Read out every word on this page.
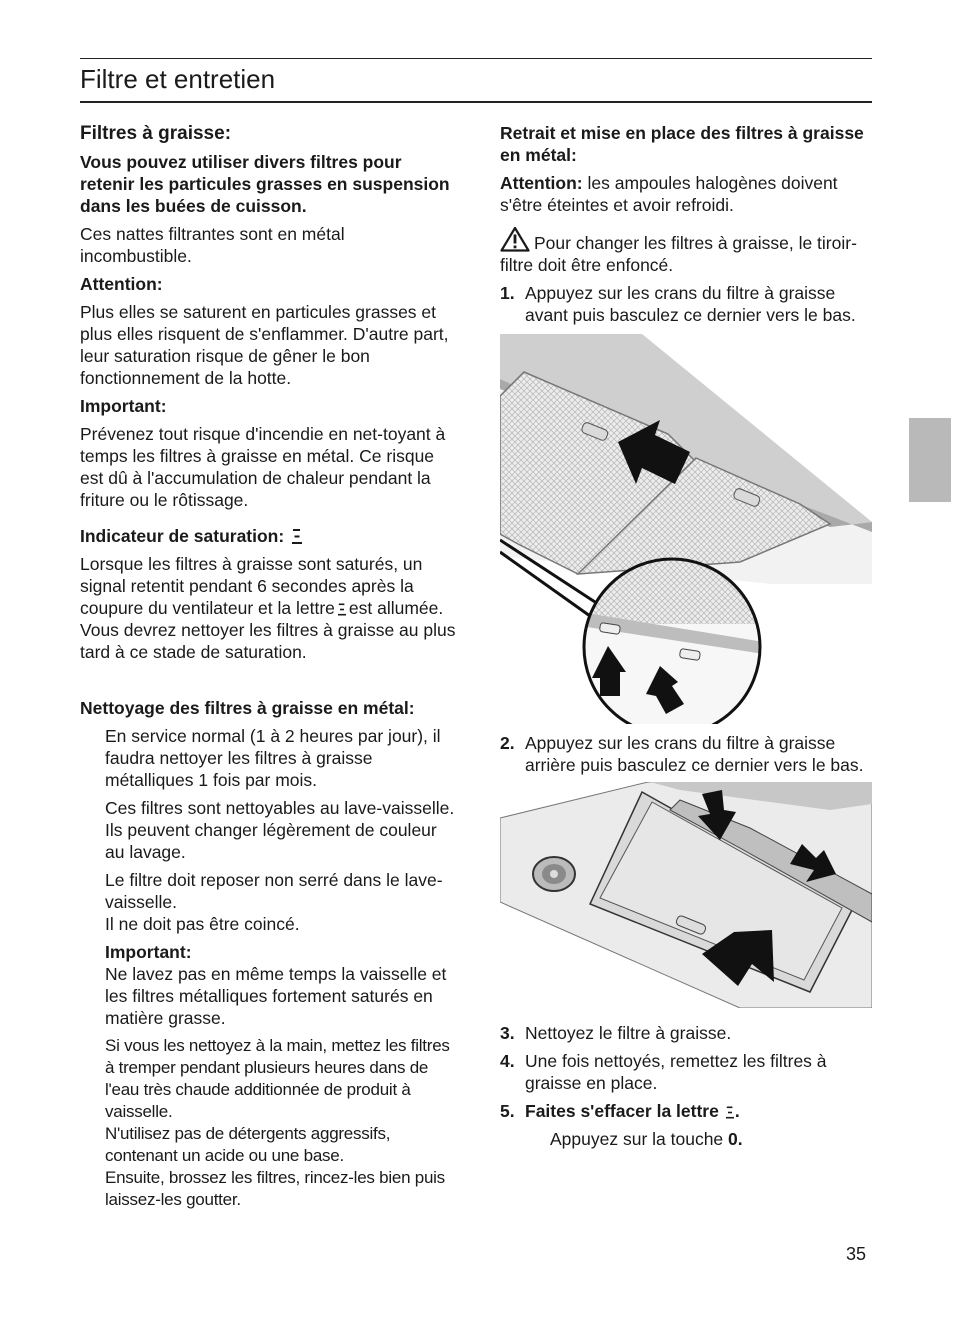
Filtre et entretien

Filtres à graisse:

Vous pouvez utiliser divers filtres pour retenir les particules grasses en suspension dans les buées de cuisson.

Ces nattes filtrantes sont en métal incombustible.

Attention:

Plus elles se saturent en particules grasses et plus elles risquent de s'enflammer. D'autre part, leur saturation risque de gêner le bon fonctionnement de la hotte.

Important:

Prévenez tout risque d'incendie en net-toyant à temps les filtres à graisse en métal. Ce risque est dû à l'accumulation de chaleur pendant la friture ou le rôtissage.

Indicateur de saturation:

Lorsque les filtres à graisse sont saturés, un signal retentit pendant 6 secondes après la coupure du ventilateur et la lettre est allumée. Vous devrez nettoyer les filtres à graisse au plus tard à ce stade de saturation.

Nettoyage des filtres à graisse en métal:

En service normal (1 à 2 heures par jour), il faudra nettoyer les filtres à graisse métalliques 1 fois par mois.

Ces filtres sont nettoyables au lave-vaisselle. Ils peuvent changer légèrement de couleur au lavage.

Le filtre doit reposer non serré dans le lave-vaisselle.

Il ne doit pas être coincé.

Important:

Ne lavez pas en même temps la vaisselle et les filtres métalliques fortement saturés en matière grasse.

Si vous les nettoyez à la main, mettez les filtres à tremper pendant plusieurs heures dans de l'eau très chaude additionnée de produit à vaisselle.

N'utilisez pas de détergents aggressifs, contenant un acide ou une base.

Ensuite, brossez les filtres, rincez-les bien puis laissez-les goutter.

Retrait et mise en place des filtres à graisse en métal:

Attention: les ampoules halogènes doivent s'être éteintes et avoir refroidi.

Pour changer les filtres à graisse, le tiroir-filtre doit être enfoncé.

1. Appuyez sur les crans du filtre à graisse avant puis basculez ce dernier vers le bas.
2. Appuyez sur les crans du filtre à graisse arrière puis basculez ce dernier vers le bas.
3. Nettoyez le filtre à graisse.
4. Une fois nettoyés, remettez les filtres à graisse en place.
5. Faites s'effacer la lettre .

Appuyez sur la touche 0.

35
